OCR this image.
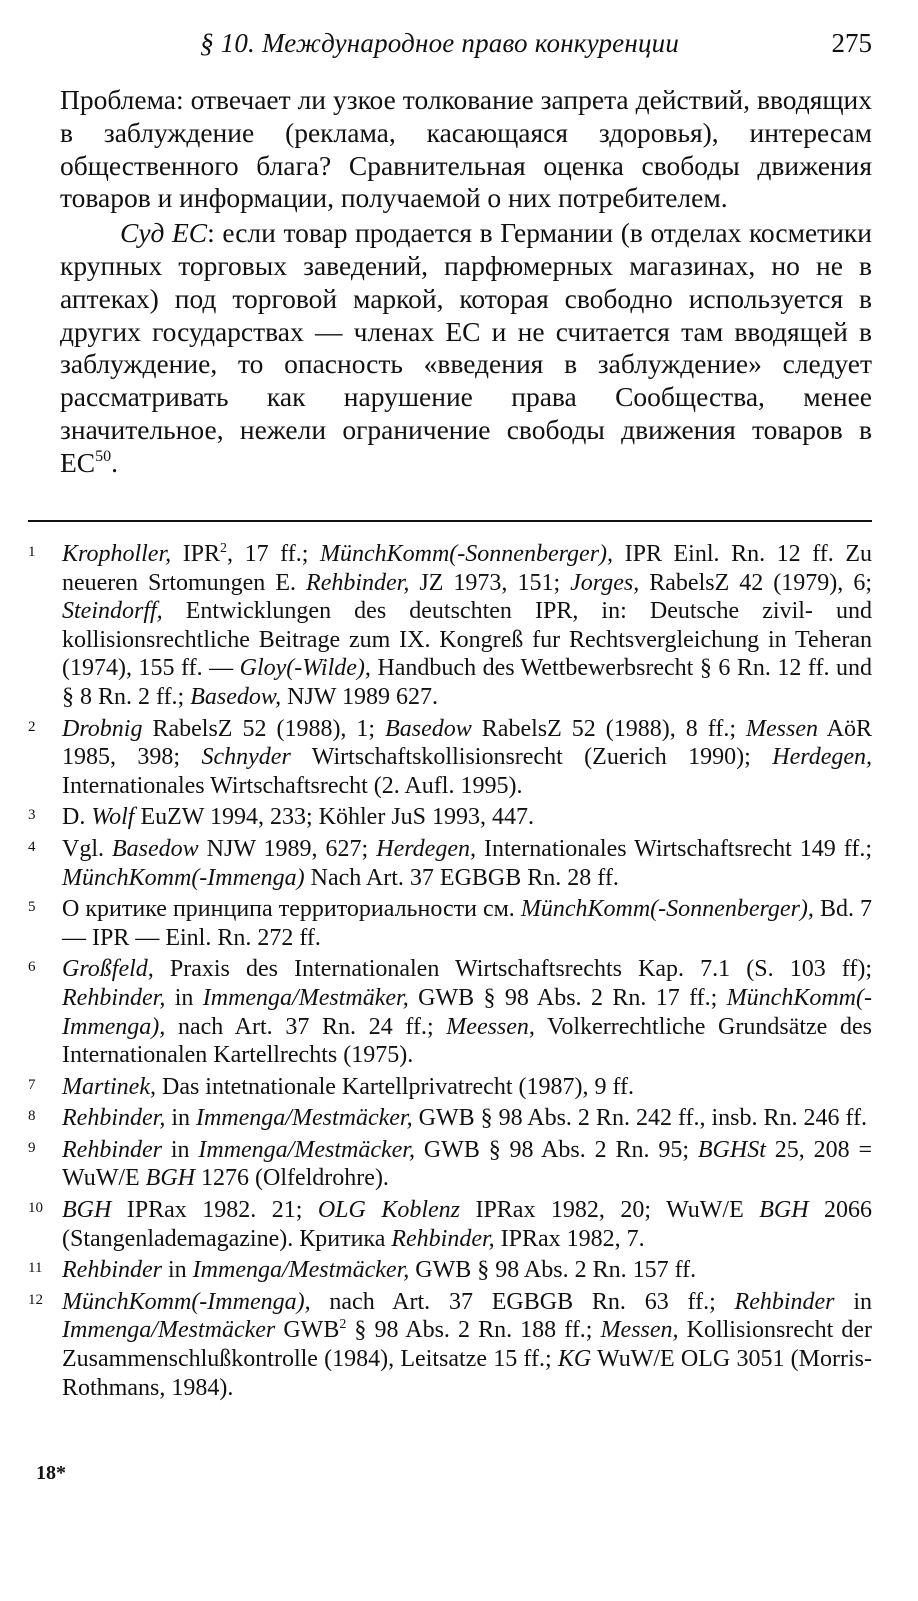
§ 10. Международное право конкуренции	275

Проблема: отвечает ли узкое толкование запрета действий, вводящих в заблуждение (реклама, касающаяся здоровья), интересам общественного блага? Сравнительная оценка свободы движения товаров и информации, получаемой о них потребителем.

Суд ЕС: если товар продается в Германии (в отделах косметики крупных торговых заведений, парфюмерных магазинах, но не в аптеках) под торговой маркой, которая свободно используется в других государствах — членах ЕС и не считается там вводящей в заблуждение, то опасность «введения в заблуждение» следует рассматривать как нарушение права Сообщества, менее значительное, нежели ограничение свободы движения товаров в ЕС$^{50}$.

1	Kropholler, IPR$^2$, 17 ff.; MünchKomm(-Sonnenberger), IPR Einl. Rn. 12 ff. Zu neueren Srtomungen E. Rehbinder, JZ 1973, 151; Jorges, RabelsZ 42 (1979), 6; Steindorff, Entwicklungen des deutschten IPR, in: Deutsche zivil- und kollisionsrechtliche Beitrage zum IX. Kongreß fur Rechtsvergleichung in Teheran (1974), 155 ff. — Gloy(-Wilde), Handbuch des Wettbewerbsrecht § 6 Rn. 12 ff. und § 8 Rn. 2 ff.; Basedow, NJW 1989 627.
2	Drobnig RabelsZ 52 (1988), 1; Basedow RabelsZ 52 (1988), 8 ff.; Messen AöR 1985, 398; Schnyder Wirtschaftskollisionsrecht (Zuerich 1990); Herdegen, Internationales Wirtschaftsrecht (2. Aufl. 1995).
3	D. Wolf EuZW 1994, 233; Köhler JuS 1993, 447.
4	Vgl. Basedow NJW 1989, 627; Herdegen, Internationales Wirtschaftsrecht 149 ff.; MünchKomm(-Immenga) Nach Art. 37 EGBGB Rn. 28 ff.
5	О критике принципа территориальности см. MünchKomm(-Sonnenberger), Bd. 7 — IPR — Einl. Rn. 272 ff.
6	Großfeld, Praxis des Internationalen Wirtschaftsrechts Kap. 7.1 (S. 103 ff); Rehbinder, in Immenga/Mestmäker, GWB § 98 Abs. 2 Rn. 17 ff.; MünchKomm(-Immenga), nach Art. 37 Rn. 24 ff.; Meessen, Volkerrechtliche Grundsätze des Internationalen Kartellrechts (1975).
7	Martinek, Das intetnationale Kartellprivatrecht (1987), 9 ff.
8	Rehbinder, in Immenga/Mestmäcker, GWB § 98 Abs. 2 Rn. 242 ff., insb. Rn. 246 ff.
9	Rehbinder in Immenga/Mestmäcker, GWB § 98 Abs. 2 Rn. 95; BGHSt 25, 208 = WuW/E BGH 1276 (Olfeldrohre).
10 BGH IPRax 1982. 21; OLG Koblenz IPRax 1982, 20; WuW/E BGH 2066 (Stangenlademagazine). Критика Rehbinder, IPRax 1982, 7.
11 Rehbinder in Immenga/Mestmäcker, GWB § 98 Abs. 2 Rn. 157 ff.
12 MünchKomm(-Immenga), nach Art. 37 EGBGB Rn. 63 ff.; Rehbinder in Immenga/Mestmäcker GWB$^2$ § 98 Abs. 2 Rn. 188 ff.; Messen, Kollisionsrecht der Zusammenschlußkontrolle (1984), Leitsatze 15 ff.; KG WuW/E OLG 3051 (Morris-Rothmans, 1984).
18*
